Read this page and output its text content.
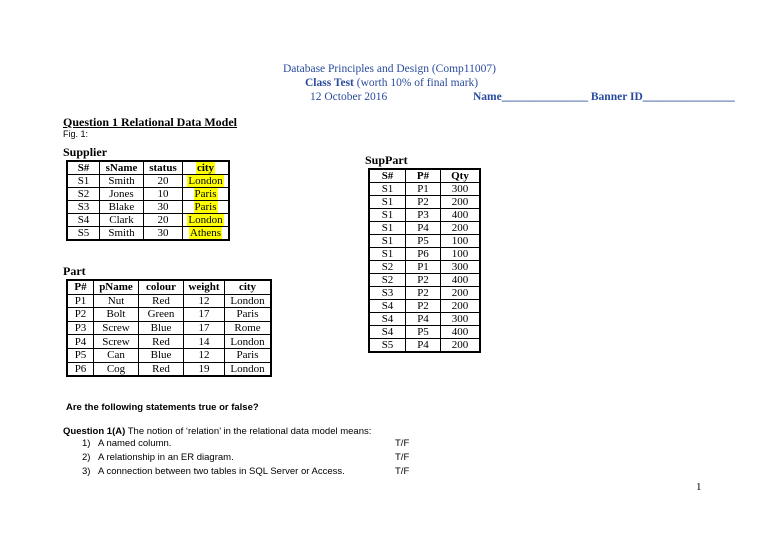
Database Principles and Design (Comp11007)
Class Test (worth 10% of final mark)
12 October 2016	Name_______________ Banner ID________________
Question 1 Relational Data Model
Fig. 1:
Supplier
S#	sName	status	city
S1	Smith	20	London
S2	Jones	10	Paris
S3	Blake	30	Paris
S4	Clark	20	London
S5	Smith	30	Athens
Part
P#	pName	colour	weight	city
P1	Nut	Red	12	London
P2	Bolt	Green	17	Paris
P3	Screw	Blue	17	Rome
P4	Screw	Red	14	London
P5	Can	Blue	12	Paris
P6	Cog	Red	19	London
SupPart
S#	P#	Qty
S1	P1	300
S1	P2	200
S1	P3	400
S1	P4	200
S1	P5	100
S1	P6	100
S2	P1	300
S2	P2	400
S3	P2	200
S4	P2	200
S4	P4	300
S4	P5	400
S5	P4	200
Are the following statements true or false?
Question 1(A) The notion of ‘relation’ in the relational data model means:
1) A named column.	T/F
2) A relationship in an ER diagram.	T/F
3) A connection between two tables in SQL Server or Access.	T/F
1
